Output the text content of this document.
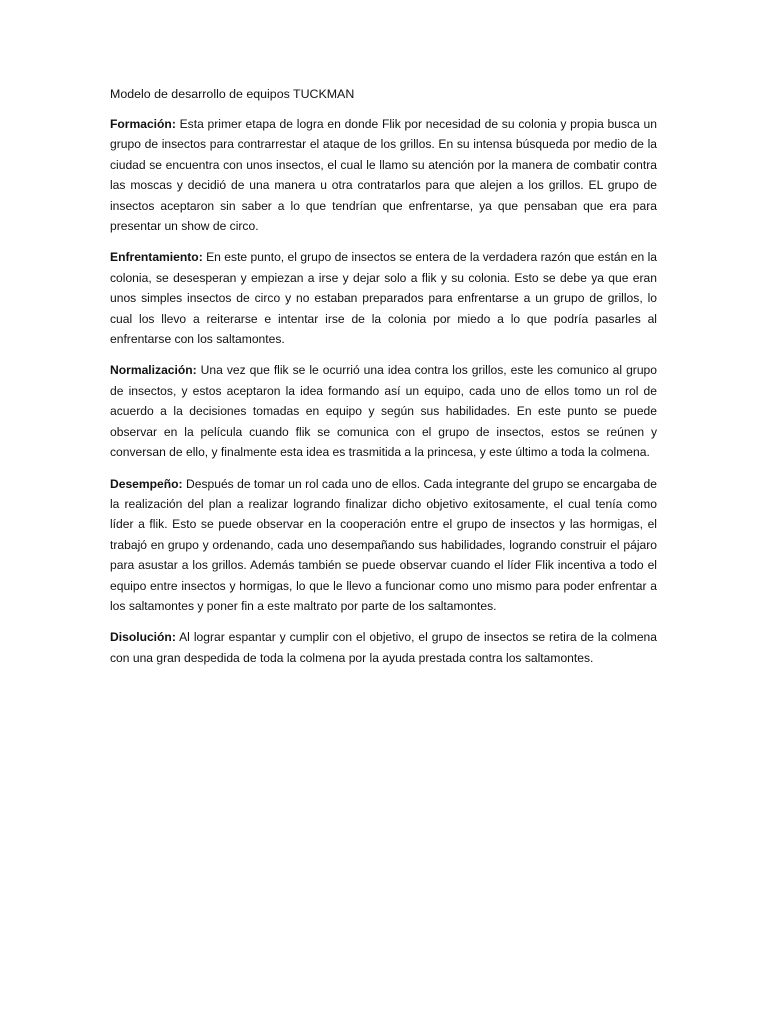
Modelo de desarrollo de equipos TUCKMAN

Formación: Esta primer etapa de logra en donde Flik por necesidad de su colonia y propia busca un grupo de insectos para contrarrestar el ataque de los grillos. En su intensa búsqueda por medio de la ciudad se encuentra con unos insectos, el cual le llamo su atención por la manera de combatir contra las moscas y decidió de una manera u otra contratarlos para que alejen a los grillos. EL grupo de insectos aceptaron sin saber a lo que tendrían que enfrentarse, ya que pensaban que era para presentar un show de circo.

Enfrentamiento: En este punto, el grupo de insectos se entera de la verdadera razón que están en la colonia, se desesperan y empiezan a irse y dejar solo a flik y su colonia. Esto se debe ya que eran unos simples insectos de circo y no estaban preparados para enfrentarse a un grupo de grillos, lo cual los llevo a reiterarse e intentar irse de la colonia por miedo a lo que podría pasarles al enfrentarse con los saltamontes.

Normalización: Una vez que flik se le ocurrió una idea contra los grillos, este les comunico al grupo de insectos, y estos aceptaron la idea formando así un equipo, cada uno de ellos tomo un rol de acuerdo a la decisiones tomadas en equipo y según sus habilidades. En este punto se puede observar en la película cuando flik se comunica con el grupo de insectos, estos se reúnen y conversan de ello, y finalmente esta idea es trasmitida a la princesa, y este último a toda la colmena.

Desempeño: Después de tomar un rol cada uno de ellos. Cada integrante del grupo se encargaba de la realización del plan a realizar logrando finalizar dicho objetivo exitosamente, el cual tenía como líder a flik. Esto se puede observar en la cooperación entre el grupo de insectos y las hormigas, el trabajó en grupo y ordenando, cada uno desempañando sus habilidades, logrando construir el pájaro para asustar a los grillos. Además también se puede observar cuando el líder Flik incentiva a todo el equipo entre insectos y hormigas, lo que le llevo a funcionar como uno mismo para poder enfrentar a los saltamontes y poner fin a este maltrato por parte de los saltamontes.

Disolución: Al lograr espantar y cumplir con el objetivo, el grupo de insectos se retira de la colmena con una gran despedida de toda la colmena por la ayuda prestada contra los saltamontes.
